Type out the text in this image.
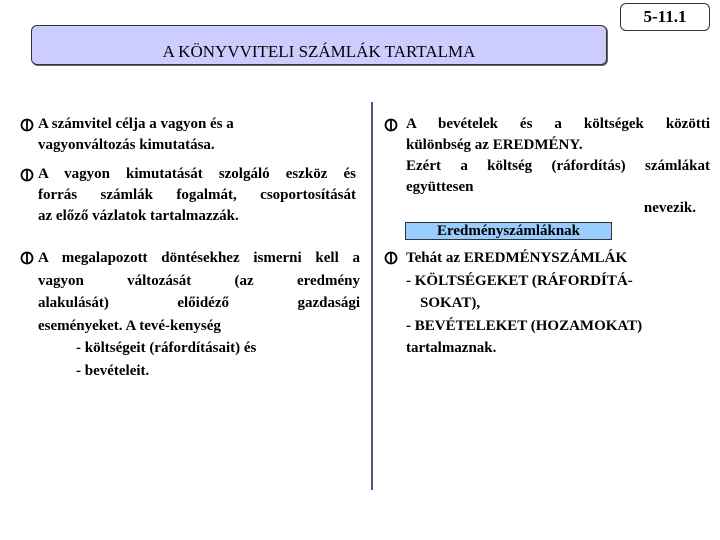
A KÖNYVVITELI SZÁMLÁK TARTALMA
5-11.1
A számvitel célja a vagyon és a
vagyonváltozás kimutatása.
A vagyon kimutatását szolgáló eszköz és
forrás számlák fogalmát, csoportosítását
az előző vázlatok tartalmazzák.
A megalapozott döntésekhez ismerni kell a
vagyon változását (az eredmény
alakulását) előidéző gazdasági
eseményeket. A tevé-kenység
- költségeit (ráfordításait) és
- bevételeit.
A bevételek és a költségek közötti
különbség az EREDMÉNY.
Ezért a költség (ráfordítás) számlákat
együttesen
nevezik.
Eredményszámláknak
Tehát az EREDMÉNYSZÁMLÁK
- KÖLTSÉGEKET (RÁFORDÍTÁ-
SOKAT),
- BEVÉTELEKET (HOZAMOKAT)
tartalmaznak.
